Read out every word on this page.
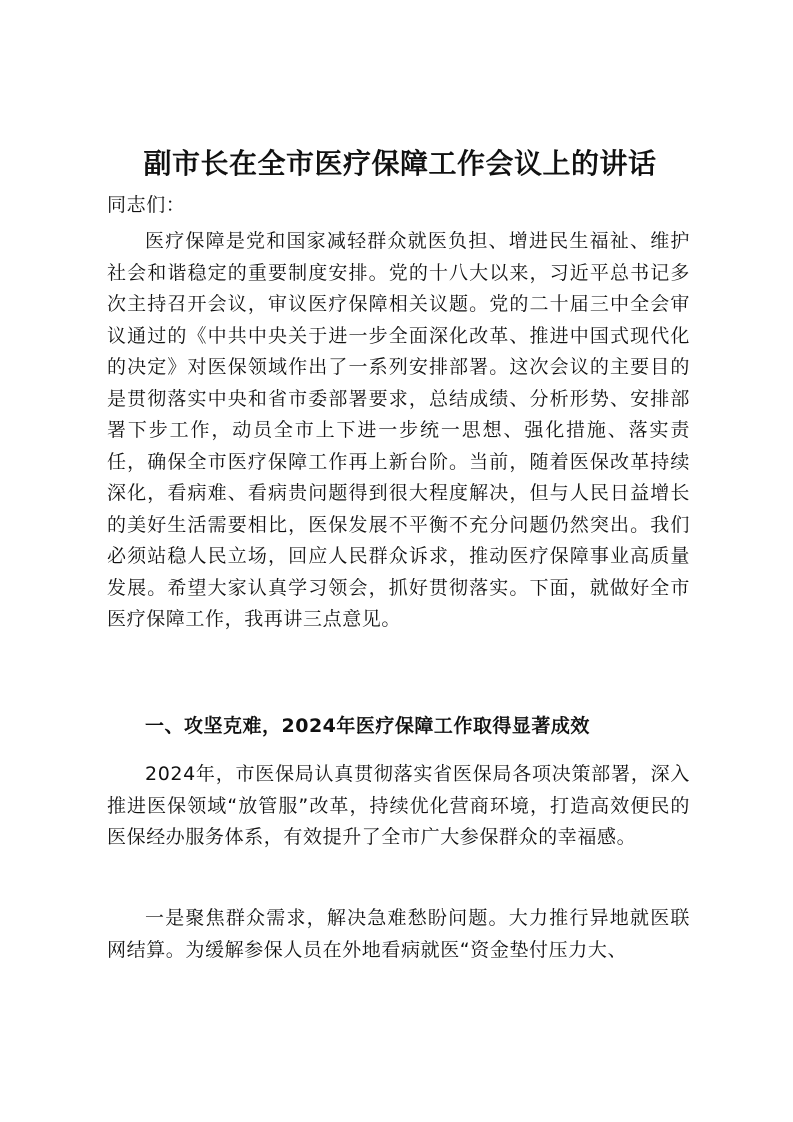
副市长在全市医疗保障工作会议上的讲话

同志们：

医疗保障是党和国家减轻群众就医负担、增进民生福祉、维护社会和谐稳定的重要制度安排。党的十八大以来，习近平总书记多次主持召开会议，审议医疗保障相关议题。党的二十届三中全会审议通过的《中共中央关于进一步全面深化改革、推进中国式现代化的决定》对医保领域作出了一系列安排部署。这次会议的主要目的是贯彻落实中央和省市委部署要求，总结成绩、分析形势、安排部署下步工作，动员全市上下进一步统一思想、强化措施、落实责任，确保全市医疗保障工作再上新台阶。当前，随着医保改革持续深化，看病难、看病贵问题得到很大程度解决，但与人民日益增长的美好生活需要相比，医保发展不平衡不充分问题仍然突出。我们必须站稳人民立场，回应人民群众诉求，推动医疗保障事业高质量发展。希望大家认真学习领会，抓好贯彻落实。下面，就做好全市医疗保障工作，我再讲三点意见。

一、攻坚克难，2024年医疗保障工作取得显著成效

2024年，市医保局认真贯彻落实省医保局各项决策部署，深入推进医保领域“放管服”改革，持续优化营商环境，打造高效便民的医保经办服务体系，有效提升了全市广大参保群众的幸福感。

一是聚焦群众需求，解决急难愁盼问题。大力推行异地就医联网结算。为缓解参保人员在外地看病就医“资金垫付压力大、
